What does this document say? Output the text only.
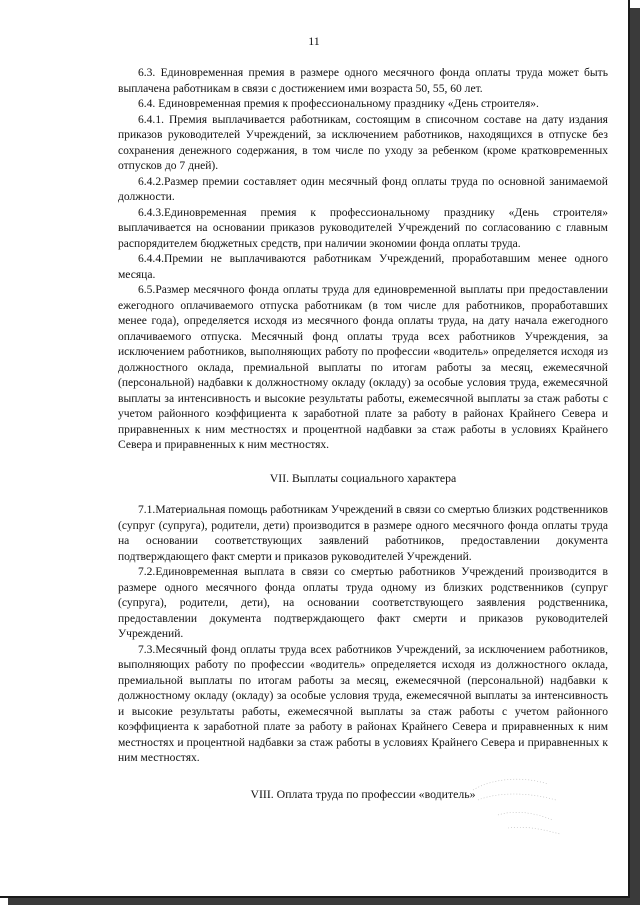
11

6.3. Единовременная премия в размере одного месячного фонда оплаты труда может быть выплачена работникам в связи с достижением ими возраста 50, 55, 60 лет.

6.4. Единовременная премия к профессиональному празднику «День строителя».

6.4.1. Премия выплачивается работникам, состоящим в списочном составе на дату издания приказов руководителей Учреждений, за исключением работников, находящихся в отпуске без сохранения денежного содержания, в том числе по уходу за ребенком (кроме кратковременных отпусков до 7 дней).

6.4.2.Размер премии составляет один месячный фонд оплаты труда по основной занимаемой должности.

6.4.3.Единовременная премия к профессиональному празднику «День строителя» выплачивается на основании приказов руководителей Учреждений по согласованию с главным распорядителем бюджетных средств, при наличии экономии фонда оплаты труда.

6.4.4.Премии не выплачиваются работникам Учреждений, проработавшим менее одного месяца.

6.5.Размер месячного фонда оплаты труда для единовременной выплаты при предоставлении ежегодного оплачиваемого отпуска работникам (в том числе для работников, проработавших менее года), определяется исходя из месячного фонда оплаты труда, на дату начала ежегодного оплачиваемого отпуска. Месячный фонд оплаты труда всех работников Учреждения, за исключением работников, выполняющих работу по профессии «водитель» определяется исходя из должностного оклада, премиальной выплаты по итогам работы за месяц, ежемесячной (персональной) надбавки к должностному окладу (окладу) за особые условия труда, ежемесячной выплаты за интенсивность и высокие результаты работы, ежемесячной выплаты за стаж работы с учетом районного коэффициента к заработной плате за работу в районах Крайнего Севера и приравненных к ним местностях и процентной надбавки за стаж работы в условиях Крайнего Севера и приравненных к ним местностях.

VII. Выплаты социального характера

7.1.Материальная помощь работникам Учреждений в связи со смертью близких родственников (супруг (супруга), родители, дети) производится в размере одного месячного фонда оплаты труда на основании соответствующих заявлений работников, предоставлении документа подтверждающего факт смерти и приказов руководителей Учреждений.

7.2.Единовременная выплата в связи со смертью работников Учреждений производится в размере одного месячного фонда оплаты труда одному из близких родственников (супруг (супруга), родители, дети), на основании соответствующего заявления родственника, предоставлении документа подтверждающего факт смерти и приказов руководителей Учреждений.

7.3.Месячный фонд оплаты труда всех работников Учреждений, за исключением работников, выполняющих работу по профессии «водитель» определяется исходя из должностного оклада, премиальной выплаты по итогам работы за месяц, ежемесячной (персональной) надбавки к должностному окладу (окладу) за особые условия труда, ежемесячной выплаты за интенсивность и высокие результаты работы, ежемесячной выплаты за стаж работы с учетом районного коэффициента к заработной плате за работу в районах Крайнего Севера и приравненных к ним местностях и процентной надбавки за стаж работы в условиях Крайнего Севера и приравненных к ним местностях.

VIII. Оплата труда по профессии «водитель»
